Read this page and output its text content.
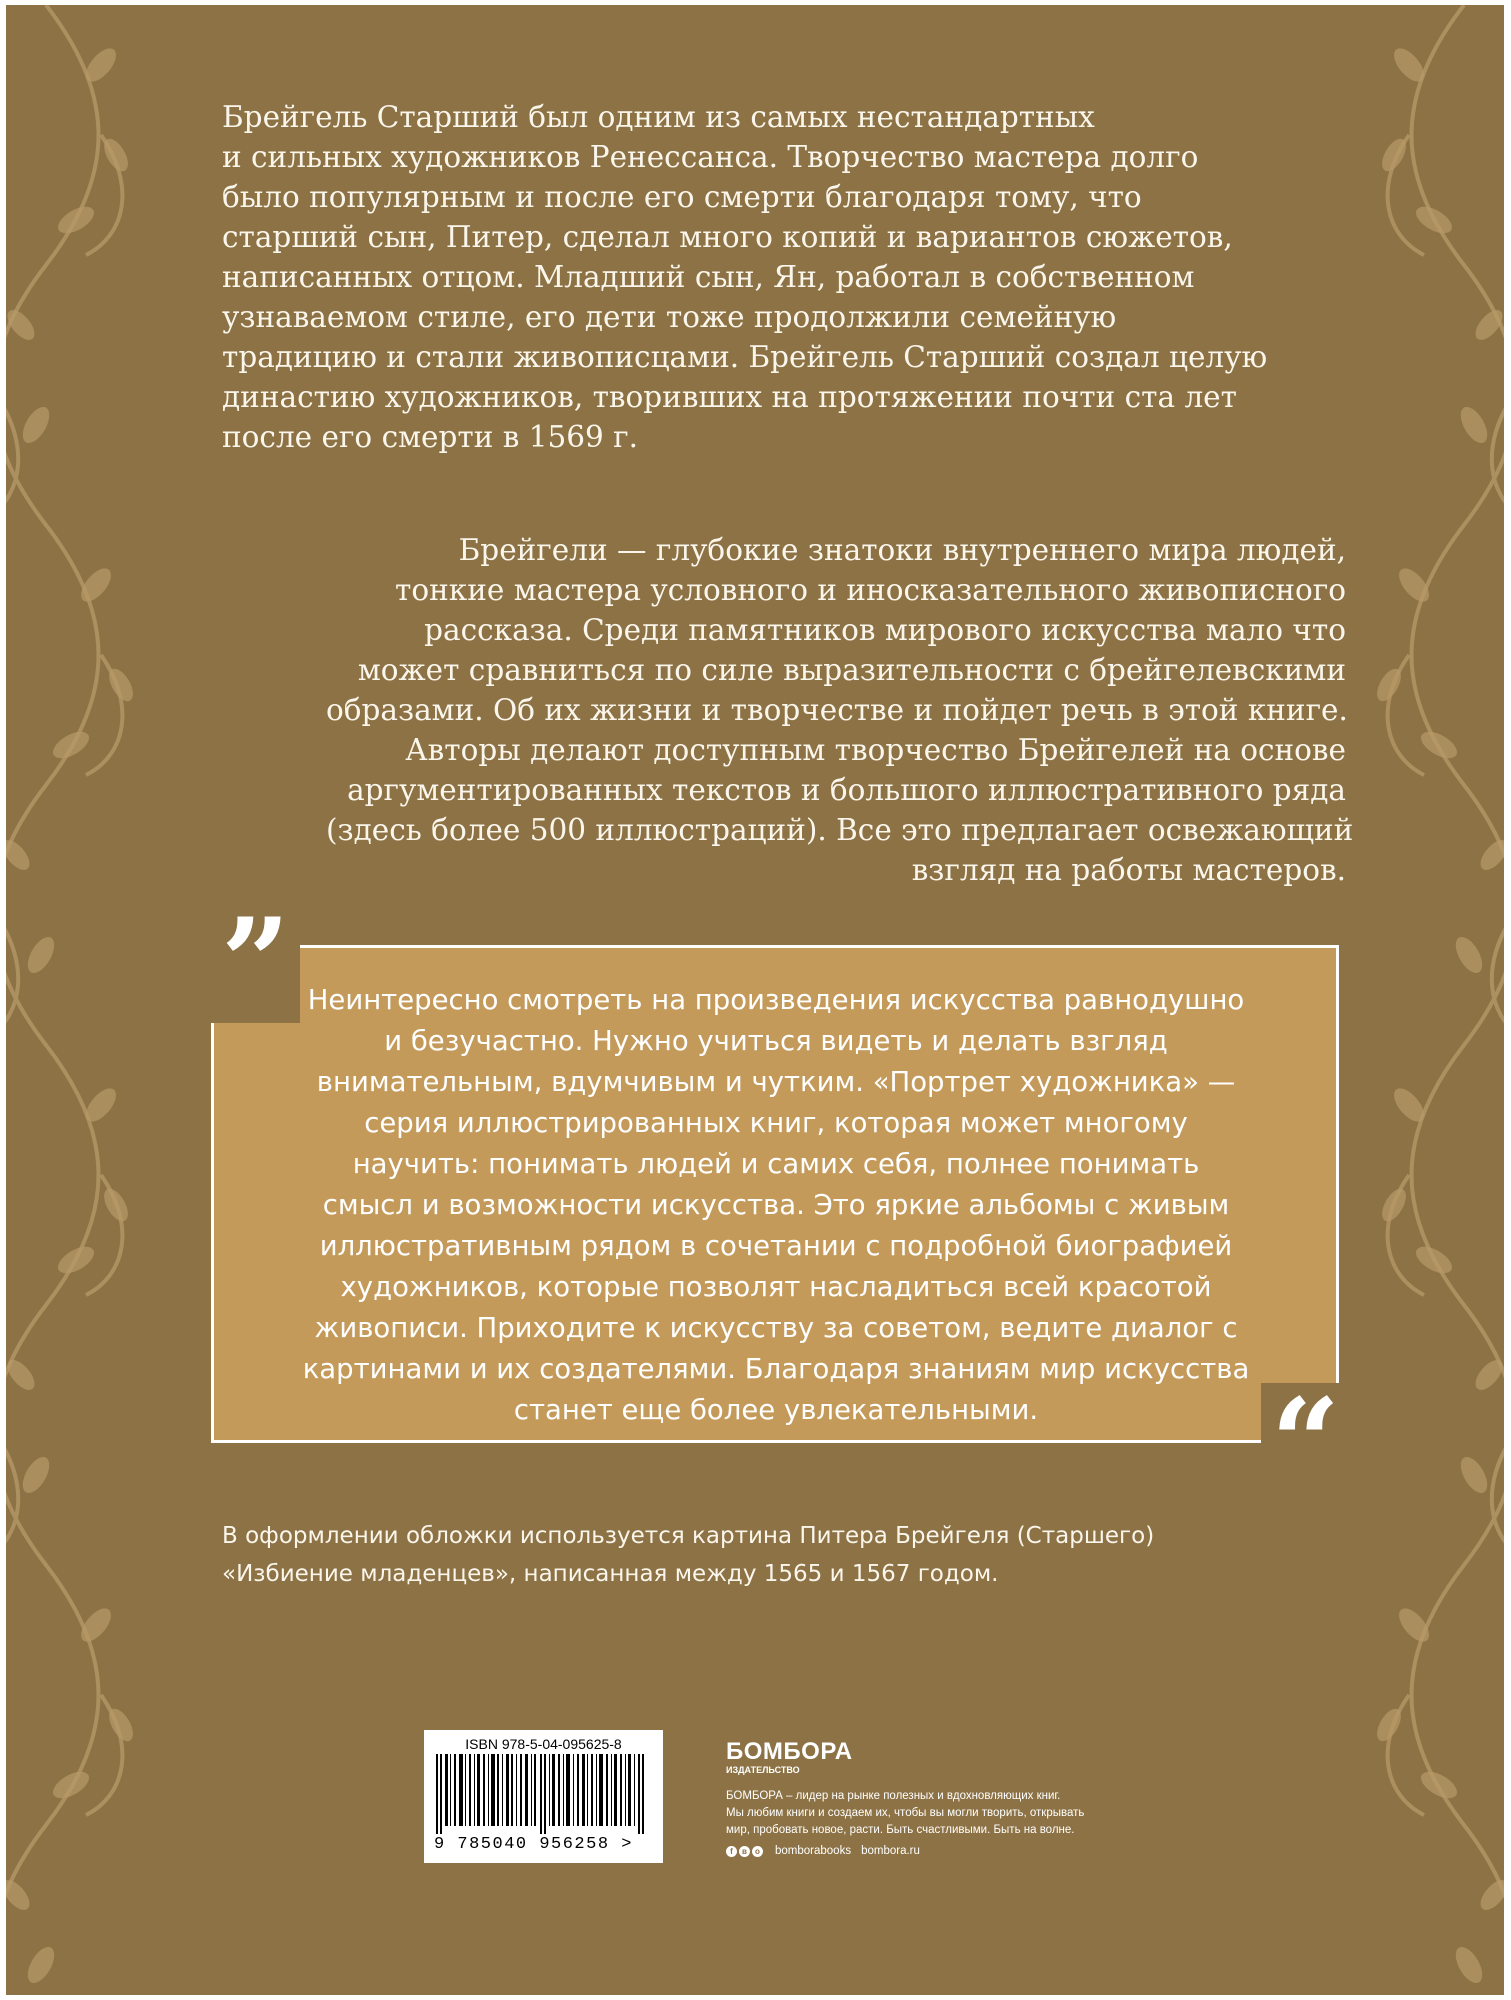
Брейгель Старший был одним из самых нестандартных
и сильных художников Ренессанса. Творчество мастера долго
было популярным и после его смерти благодаря тому, что
старший сын, Питер, сделал много копий и вариантов сюжетов,
написанных отцом. Младший сын, Ян, работал в собственном
узнаваемом стиле, его дети тоже продолжили семейную
традицию и стали живописцами. Брейгель Старший создал целую
династию художников, творивших на протяжении почти ста лет
после его смерти в 1569 г.

Брейгели — глубокие знатоки внутреннего мира людей,
тонкие мастера условного и иносказательного живописного
рассказа. Среди памятников мирового искусства мало что
может сравниться по силе выразительности с брейгелевскими
образами. Об их жизни и творчестве и пойдет речь в этой книге.
Авторы делают доступным творчество Брейгелей на основе
аргументированных текстов и большого иллюстративного ряда
(здесь более 500 иллюстраций). Все это предлагает освежающий
взгляд на работы мастеров.

”
“

Неинтересно смотреть на произведения искусства равнодушно
и безучастно. Нужно учиться видеть и делать взгляд
внимательным, вдумчивым и чутким. «Портрет художника» —
серия иллюстрированных книг, которая может многому
научить: понимать людей и самих себя, полнее понимать
смысл и возможности искусства. Это яркие альбомы с живым
иллюстративным рядом в сочетании с подробной биографией
художников, которые позволят насладиться всей красотой
живописи. Приходите к искусству за советом, ведите диалог с
картинами и их создателями. Благодаря знаниям мир искусства
станет еще более увлекательными.

В оформлении обложки используется картина Питера Брейгеля (Старшего)
«Избиение младенцев», написанная между 1565 и 1567 годом.

ISBN 978-5-04-095625-8
9 785040 956258 >

БОМБОРА

ИЗДАТЕЛЬСТВО

БОМБОРА – лидер на рынке полезных и вдохновляющих книг.
Мы любим книги и создаем их, чтобы вы могли творить, открывать
мир, пробовать новое, расти. Быть счастливыми. Быть на волне.

f	в	o bomborabooks bombora.ru
